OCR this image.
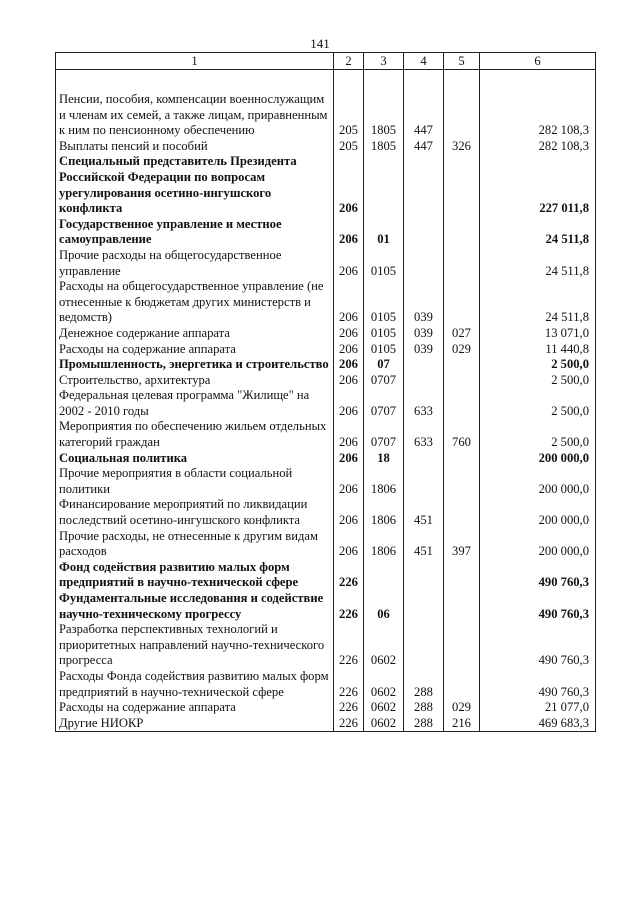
141
1	2	3	4	5	6

Пенсии, пособия, компенсации военнослужащим и членам их семей, а также лицам, приравненным к ним по пенсионному обеспечению	205	1805	447		282 108,3
Выплаты пенсий и пособий	205	1805	447	326	282 108,3
Специальный представитель Президента Российской Федерации по вопросам урегулирования осетино-ингушского конфликта	206				227 011,8
Государственное управление и местное самоуправление	206	01			24 511,8
Прочие расходы на общегосударственное управление	206	0105			24 511,8
Расходы на общегосударственное управление (не отнесенные к бюджетам других министерств и ведомств)	206	0105	039		24 511,8
Денежное содержание аппарата	206	0105	039	027	13 071,0
Расходы на содержание аппарата	206	0105	039	029	11 440,8
Промышленность, энергетика и строительство	206	07			2 500,0
Строительство, архитектура	206	0707			2 500,0
Федеральная целевая программа "Жилище" на 2002 - 2010 годы	206	0707	633		2 500,0
Мероприятия по обеспечению жильем отдельных категорий граждан	206	0707	633	760	2 500,0
Социальная политика	206	18			200 000,0
Прочие мероприятия в области социальной политики	206	1806			200 000,0
Финансирование мероприятий по ликвидации последствий осетино-ингушского конфликта	206	1806	451		200 000,0
Прочие расходы, не отнесенные к другим видам расходов	206	1806	451	397	200 000,0
Фонд содействия развитию малых форм предприятий в научно-технической сфере	226				490 760,3
Фундаментальные исследования и содействие научно-техническому прогрессу	226	06			490 760,3
Разработка перспективных технологий и приоритетных направлений научно-технического прогресса	226	0602			490 760,3
Расходы Фонда содействия развитию малых форм предприятий в научно-технической сфере	226	0602	288		490 760,3
Расходы на содержание аппарата	226	0602	288	029	21 077,0
Другие НИОКР	226	0602	288	216	469 683,3
